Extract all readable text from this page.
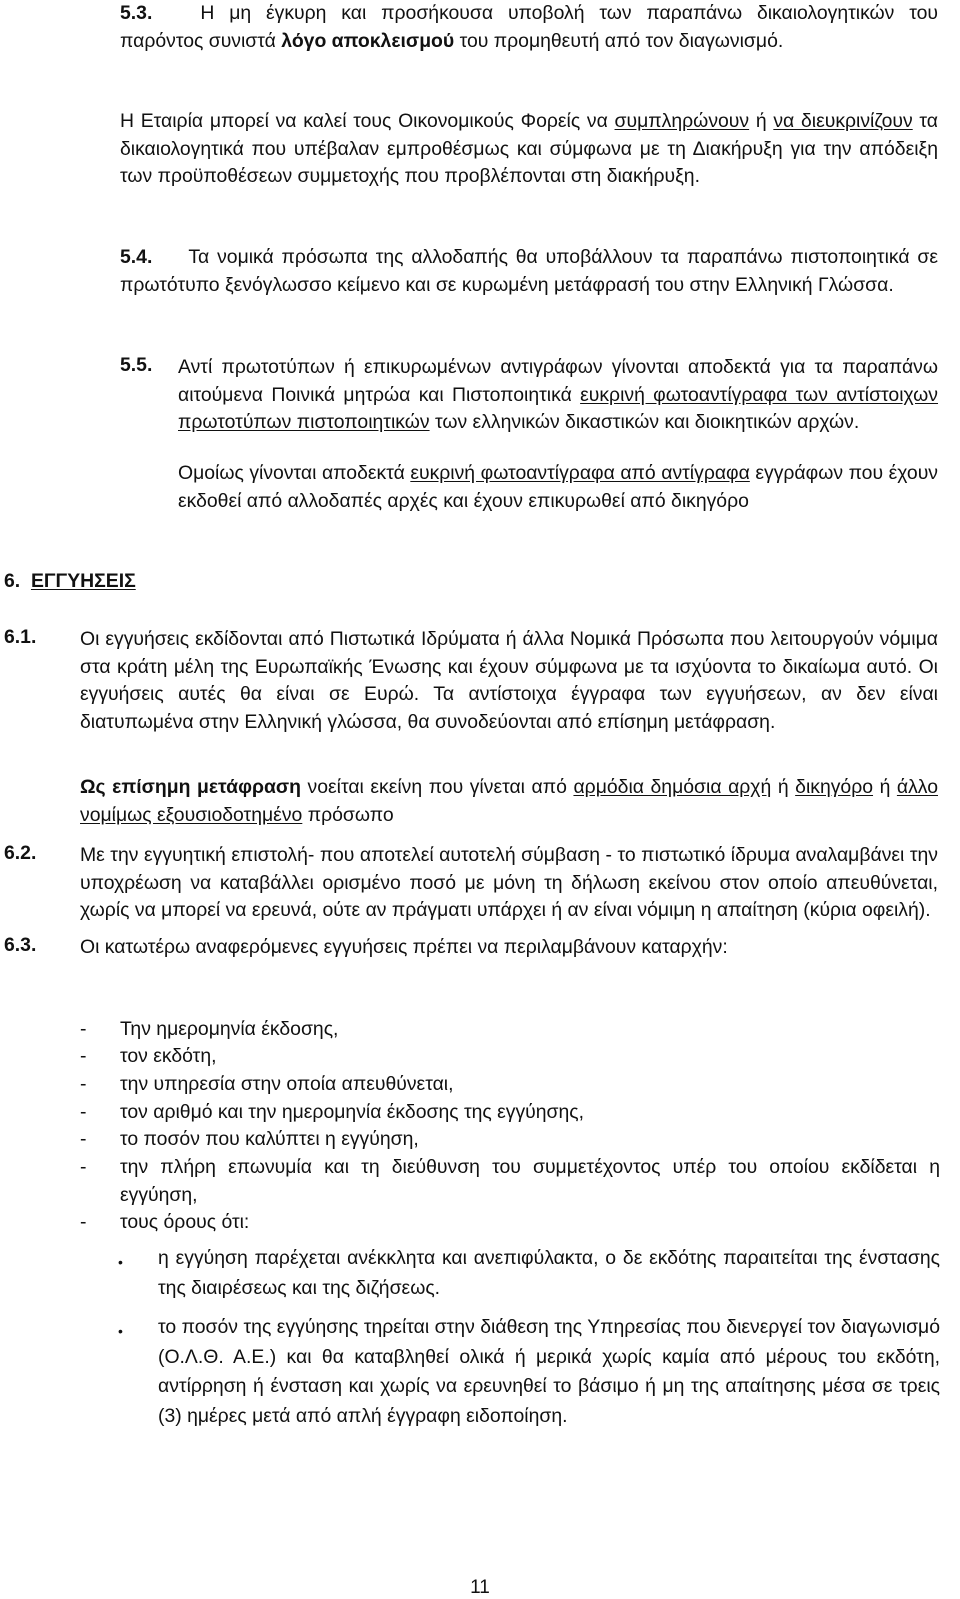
5.3. Η μη έγκυρη και προσήκουσα υποβολή των παραπάνω δικαιολογητικών του παρόντος συνιστά λόγο αποκλεισμού του προμηθευτή από τον διαγωνισμό.
Η Εταιρία μπορεί να καλεί τους Οικονομικούς Φορείς να συμπληρώνουν ή να διευκρινίζουν τα δικαιολογητικά που υπέβαλαν εμπροθέσμως και σύμφωνα με τη Διακήρυξη για την απόδειξη των προϋποθέσεων συμμετοχής που προβλέπονται στη διακήρυξη.
5.4. Τα νομικά πρόσωπα της αλλοδαπής θα υποβάλλουν τα παραπάνω πιστοποιητικά σε πρωτότυπο ξενόγλωσσο κείμενο και σε κυρωμένη μετάφρασή του στην Ελληνική Γλώσσα.
5.5. Αντί πρωτοτύπων ή επικυρωμένων αντιγράφων γίνονται αποδεκτά για τα παραπάνω αιτούμενα Ποινικά μητρώα και Πιστοποιητικά ευκρινή φωτοαντίγραφα των αντίστοιχων πρωτοτύπων πιστοποιητικών των ελληνικών δικαστικών και διοικητικών αρχών.
Ομοίως γίνονται αποδεκτά ευκρινή φωτοαντίγραφα από αντίγραφα εγγράφων που έχουν εκδοθεί από αλλοδαπές αρχές και έχουν επικυρωθεί από δικηγόρο
6. ΕΓΓΥΗΣΕΙΣ
6.1. Οι εγγυήσεις εκδίδονται από Πιστωτικά Ιδρύματα ή άλλα Νομικά Πρόσωπα που λειτουργούν νόμιμα στα κράτη μέλη της Ευρωπαϊκής Ένωσης και έχουν σύμφωνα με τα ισχύοντα το δικαίωμα αυτό. Οι εγγυήσεις αυτές θα είναι σε Ευρώ. Τα αντίστοιχα έγγραφα των εγγυήσεων, αν δεν είναι διατυπωμένα στην Ελληνική γλώσσα, θα συνοδεύονται από επίσημη μετάφραση.
Ως επίσημη μετάφραση νοείται εκείνη που γίνεται από αρμόδια δημόσια αρχή ή δικηγόρο ή άλλο νομίμως εξουσιοδοτημένο πρόσωπο
6.2. Με την εγγυητική επιστολή- που αποτελεί αυτοτελή σύμβαση - το πιστωτικό ίδρυμα αναλαμβάνει την υποχρέωση να καταβάλλει ορισμένο ποσό με μόνη τη δήλωση εκείνου στον οποίο απευθύνεται, χωρίς να μπορεί να ερευνά, ούτε αν πράγματι υπάρχει ή αν είναι νόμιμη η απαίτηση (κύρια οφειλή).
6.3. Οι κατωτέρω αναφερόμενες εγγυήσεις πρέπει να περιλαμβάνουν καταρχήν:
- Την ημερομηνία έκδοσης,
- τον εκδότη,
- την υπηρεσία στην οποία απευθύνεται,
- τον αριθμό και την ημερομηνία έκδοσης της εγγύησης,
- το ποσόν που καλύπτει η εγγύηση,
- την πλήρη επωνυμία και τη διεύθυνση του συμμετέχοντος υπέρ του οποίου εκδίδεται η εγγύηση,
- τους όρους ότι:
• η εγγύηση παρέχεται ανέκκλητα και ανεπιφύλακτα, ο δε εκδότης παραιτείται της ένστασης της διαιρέσεως και της διζήσεως.
• το ποσόν της εγγύησης τηρείται στην διάθεση της Υπηρεσίας που διενεργεί τον διαγωνισμό (Ο.Λ.Θ. Α.Ε.) και θα καταβληθεί ολικά ή μερικά χωρίς καμία από μέρους του εκδότη, αντίρρηση ή ένσταση και χωρίς να ερευνηθεί το βάσιμο ή μη της απαίτησης μέσα σε τρεις (3) ημέρες μετά από απλή έγγραφη ειδοποίηση.
11
